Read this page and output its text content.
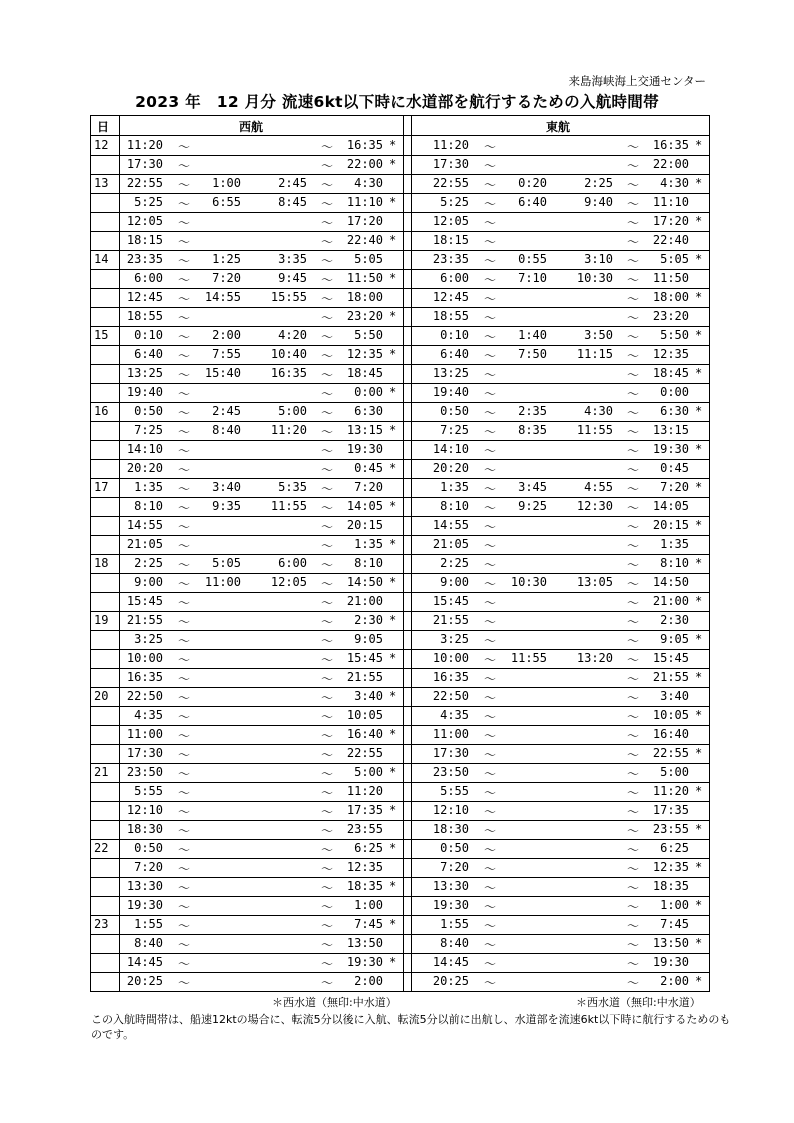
来島海峡海上交通センター
2023 年　12 月分 流速6kt以下時に水道部を航行するための入航時間帯
日	西航	東航
12	11:20 ～	～	16:35 *	11:20 ～	～	16:35 *
17:30 ～	～	22:00 *	17:30 ～	～	22:00
13	22:55 ～	1:00	2:45 ～	4:30	22:55 ～	0:20	2:25 ～	4:30 *
5:25 ～	6:55	8:45 ～	11:10 *	5:25 ～	6:40	9:40 ～	11:10
12:05 ～	～	17:20	12:05 ～	～	17:20 *
18:15 ～	～	22:40 *	18:15 ～	～	22:40
14	23:35 ～	1:25	3:35 ～	5:05	23:35 ～	0:55	3:10 ～	5:05 *
6:00 ～	7:20	9:45 ～	11:50 *	6:00 ～	7:10	10:30 ～	11:50
12:45 ～	14:55	15:55 ～	18:00	12:45 ～	～	18:00 *
18:55 ～	～	23:20 *	18:55 ～	～	23:20
15	0:10 ～	2:00	4:20 ～	5:50	0:10 ～	1:40	3:50 ～	5:50 *
6:40 ～	7:55	10:40 ～	12:35 *	6:40 ～	7:50	11:15 ～	12:35
13:25 ～	15:40	16:35 ～	18:45	13:25 ～	～	18:45 *
19:40 ～	～	0:00 *	19:40 ～	～	0:00
16	0:50 ～	2:45	5:00 ～	6:30	0:50 ～	2:35	4:30 ～	6:30 *
7:25 ～	8:40	11:20 ～	13:15 *	7:25 ～	8:35	11:55 ～	13:15
14:10 ～	～	19:30	14:10 ～	～	19:30 *
20:20 ～	～	0:45 *	20:20 ～	～	0:45
17	1:35 ～	3:40	5:35 ～	7:20	1:35 ～	3:45	4:55 ～	7:20 *
8:10 ～	9:35	11:55 ～	14:05 *	8:10 ～	9:25	12:30 ～	14:05
14:55 ～	～	20:15	14:55 ～	～	20:15 *
21:05 ～	～	1:35 *	21:05 ～	～	1:35
18	2:25 ～	5:05	6:00 ～	8:10	2:25 ～	～	8:10 *
9:00 ～	11:00	12:05 ～	14:50 *	9:00 ～	10:30	13:05 ～	14:50
15:45 ～	～	21:00	15:45 ～	～	21:00 *
19	21:55 ～	～	2:30 *	21:55 ～	～	2:30
3:25 ～	～	9:05	3:25 ～	～	9:05 *
10:00 ～	～	15:45 *	10:00 ～	11:55	13:20 ～	15:45
16:35 ～	～	21:55	16:35 ～	～	21:55 *
20	22:50 ～	～	3:40 *	22:50 ～	～	3:40
4:35 ～	～	10:05	4:35 ～	～	10:05 *
11:00 ～	～	16:40 *	11:00 ～	～	16:40
17:30 ～	～	22:55	17:30 ～	～	22:55 *
21	23:50 ～	～	5:00 *	23:50 ～	～	5:00
5:55 ～	～	11:20	5:55 ～	～	11:20 *
12:10 ～	～	17:35 *	12:10 ～	～	17:35
18:30 ～	～	23:55	18:30 ～	～	23:55 *
22	0:50 ～	～	6:25 *	0:50 ～	～	6:25
7:20 ～	～	12:35	7:20 ～	～	12:35 *
13:30 ～	～	18:35 *	13:30 ～	～	18:35
19:30 ～	～	1:00	19:30 ～	～	1:00 *
23	1:55 ～	～	7:45 *	1:55 ～	～	7:45
8:40 ～	～	13:50	8:40 ～	～	13:50 *
14:45 ～	～	19:30 *	14:45 ～	～	19:30
20:25 ～	～	2:00	20:25 ～	～	2:00 *
＊西水道（無印:中水道）	＊西水道（無印:中水道）
この入航時間帯は、船速12ktの場合に、転流5分以後に入航、転流5分以前に出航し、水道部を流速6kt以下時に航行するためのものです。
